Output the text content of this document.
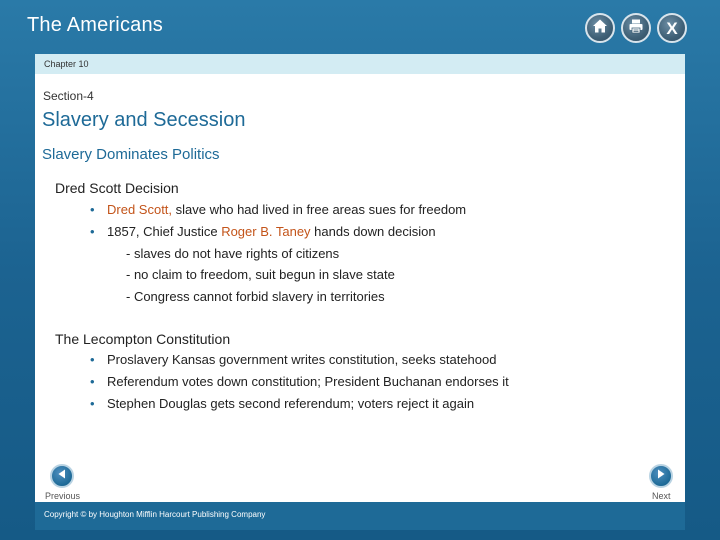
The Americans	X
Chapter 10
Section-4
Slavery and Secession
Slavery Dominates Politics
Dred Scott Decision
• Dred Scott, slave who had lived in free areas sues for freedom
• 1857, Chief Justice Roger B. Taney hands down decision
- slaves do not have rights of citizens
- no claim to freedom, suit begun in slave state
- Congress cannot forbid slavery in territories
The Lecompton Constitution
• Proslavery Kansas government writes constitution, seeks statehood
• Referendum votes down constitution; President Buchanan endorses it
• Stephen Douglas gets second referendum; voters reject it again
Previous	Next
Copyright © by Houghton Mifflin Harcourt Publishing Company
